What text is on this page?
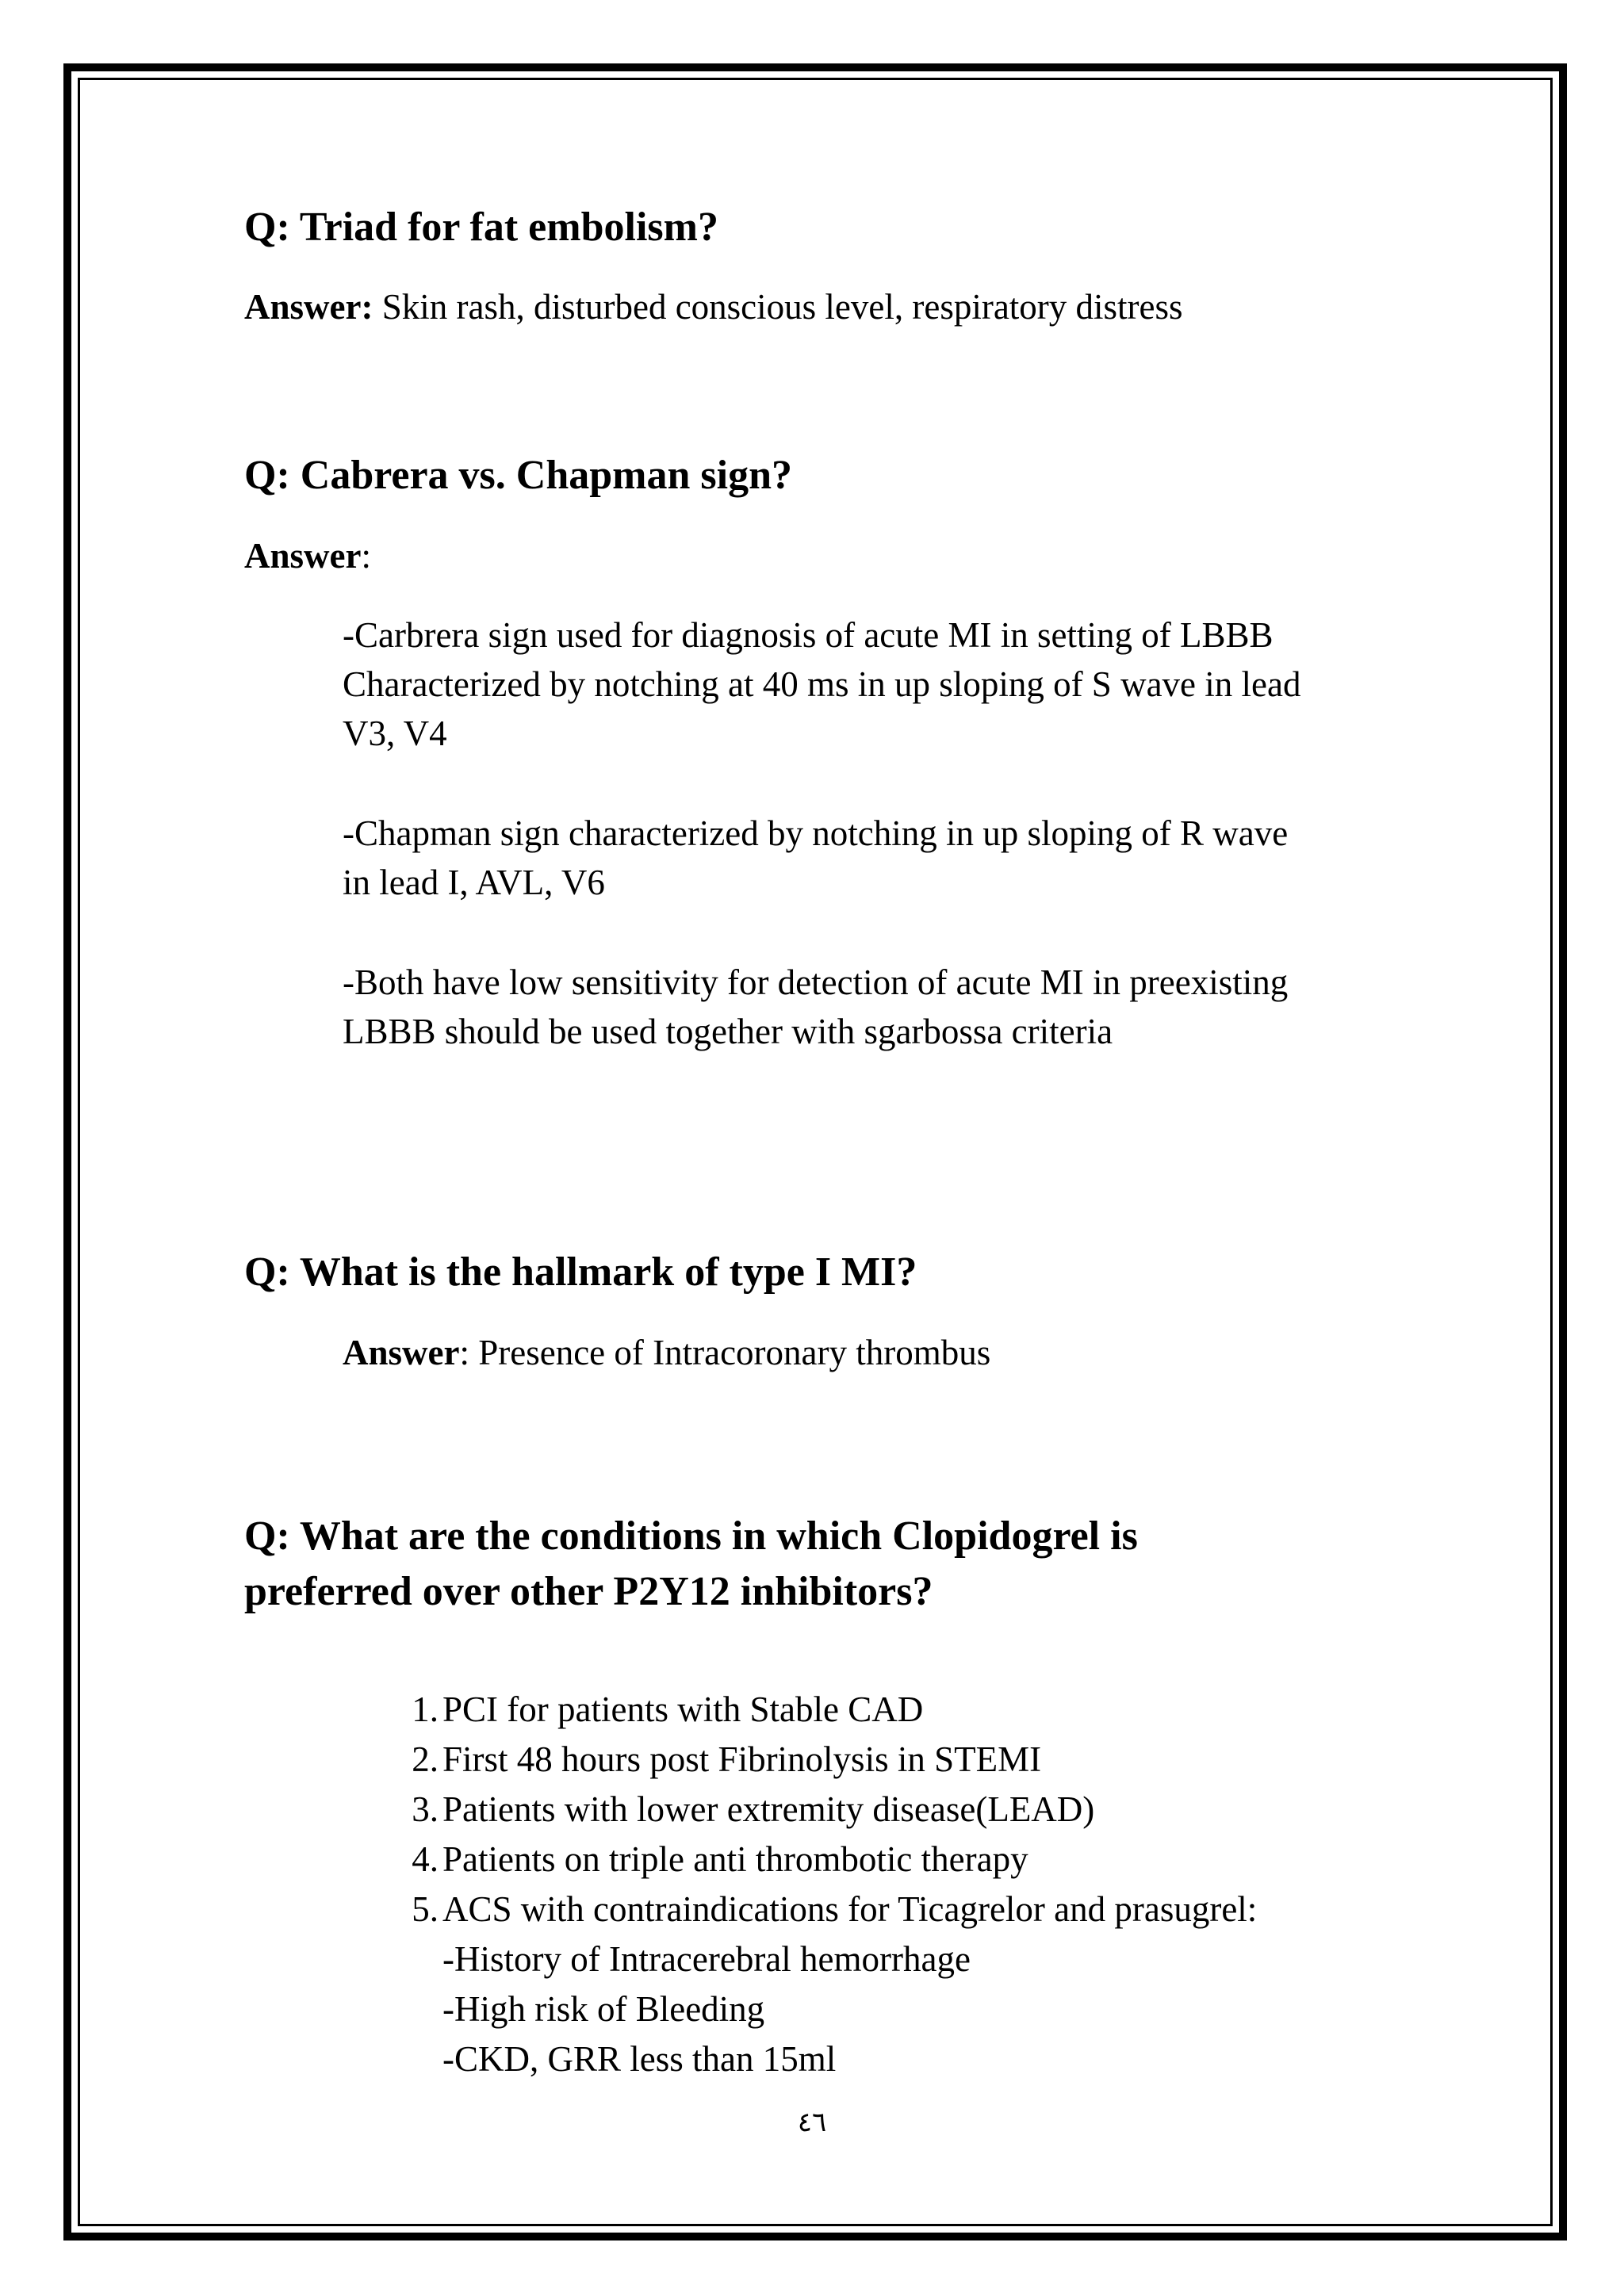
Q: Triad for fat embolism?

Answer: Skin rash, disturbed conscious level, respiratory distress

Q: Cabrera vs. Chapman sign?

Answer:

-Carbrera sign used for diagnosis of acute MI in setting of LBBB

Characterized by notching at 40 ms in up sloping of S wave in lead

V3, V4

-Chapman sign characterized by notching in up sloping of R wave

in lead I, AVL, V6

-Both have low sensitivity for detection of acute MI in preexisting

LBBB should be used together with sgarbossa criteria

Q: What is the hallmark of type I MI?

Answer: Presence of Intracoronary thrombus

Q: What are the conditions in which Clopidogrel is

preferred over other P2Y12 inhibitors?

1. PCI for patients with Stable CAD
2. First 48 hours post Fibrinolysis in STEMI
3. Patients with lower extremity disease(LEAD)
4. Patients on triple anti thrombotic therapy
5. ACS with contraindications for Ticagrelor and prasugrel:
-History of Intracerebral hemorrhage
-High risk of Bleeding
-CKD, GRR less than 15ml
٤٦
